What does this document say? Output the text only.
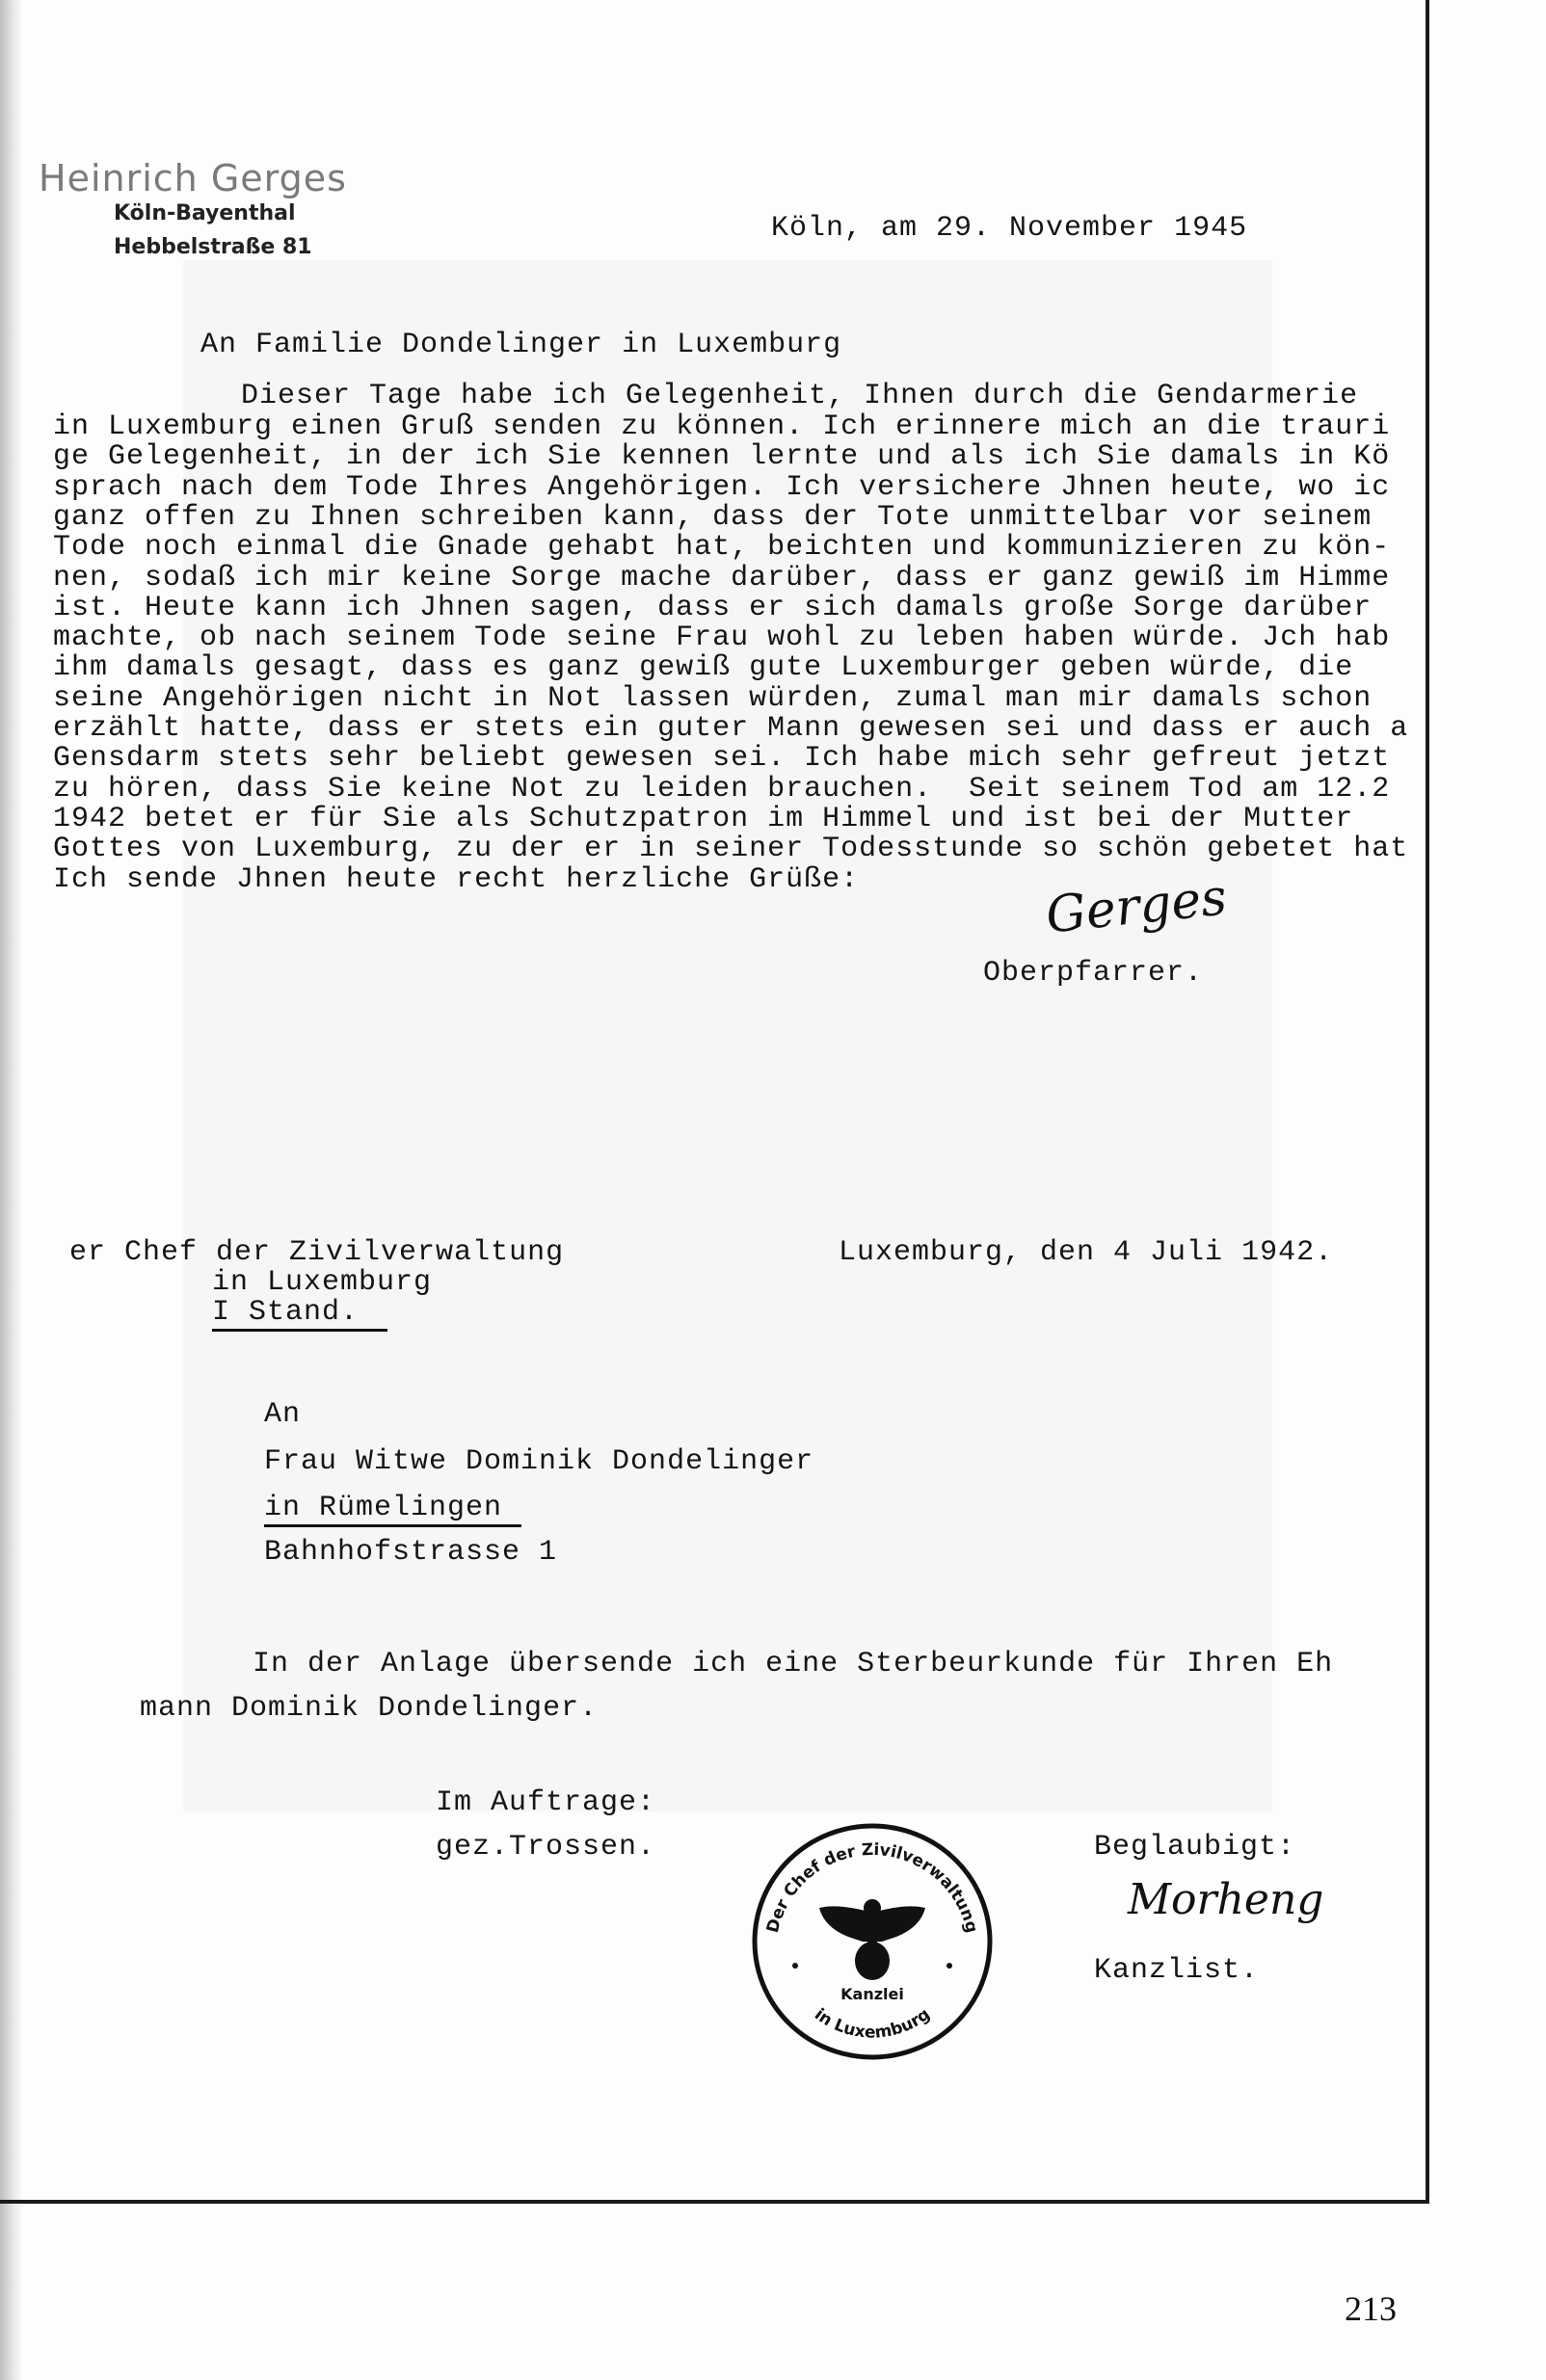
Heinrich Gerges
Köln-Bayenthal
Hebbelstraße 81
Köln, am 29. November 1945
An Familie Dondelinger in Luxemburg
Dieser Tage habe ich Gelegenheit, Ihnen durch die Gendarmerie
in Luxemburg einen Gruß senden zu können. Ich erinnere mich an die trauri
ge Gelegenheit, in der ich Sie kennen lernte und als ich Sie damals in Kö
sprach nach dem Tode Ihres Angehörigen. Ich versichere Jhnen heute, wo ic
ganz offen zu Ihnen schreiben kann, dass der Tote unmittelbar vor seinem
Tode noch einmal die Gnade gehabt hat, beichten und kommunizieren zu kön-
nen, sodaß ich mir keine Sorge mache darüber, dass er ganz gewiß im Himme
ist. Heute kann ich Jhnen sagen, dass er sich damals große Sorge darüber
machte, ob nach seinem Tode seine Frau wohl zu leben haben würde. Jch hab
ihm damals gesagt, dass es ganz gewiß gute Luxemburger geben würde, die
seine Angehörigen nicht in Not lassen würden, zumal man mir damals schon
erzählt hatte, dass er stets ein guter Mann gewesen sei und dass er auch a
Gensdarm stets sehr beliebt gewesen sei. Ich habe mich sehr gefreut jetzt
zu hören, dass Sie keine Not zu leiden brauchen.  Seit seinem Tod am 12.2
1942 betet er für Sie als Schutzpatron im Himmel und ist bei der Mutter
Gottes von Luxemburg, zu der er in seiner Todesstunde so schön gebetet hat
Ich sende Jhnen heute recht herzliche Grüße:	Gerges
Oberpfarrer.
er Chef der Zivilverwaltung
in Luxemburg
I Stand.
Luxemburg, den 4 Juli 1942.
An
Frau Witwe Dominik Dondelinger
in Rümelingen
Bahnhofstrasse 1
In der Anlage übersende ich eine Sterbeurkunde für Ihren Eh
mann Dominik Dondelinger.
Im Auftrage:
gez.Trossen.	Beglaubigt:
Morheng
Kanzlist.
Der Chef der Zivilverwaltung
Kanzlei
in Luxemburg
213
